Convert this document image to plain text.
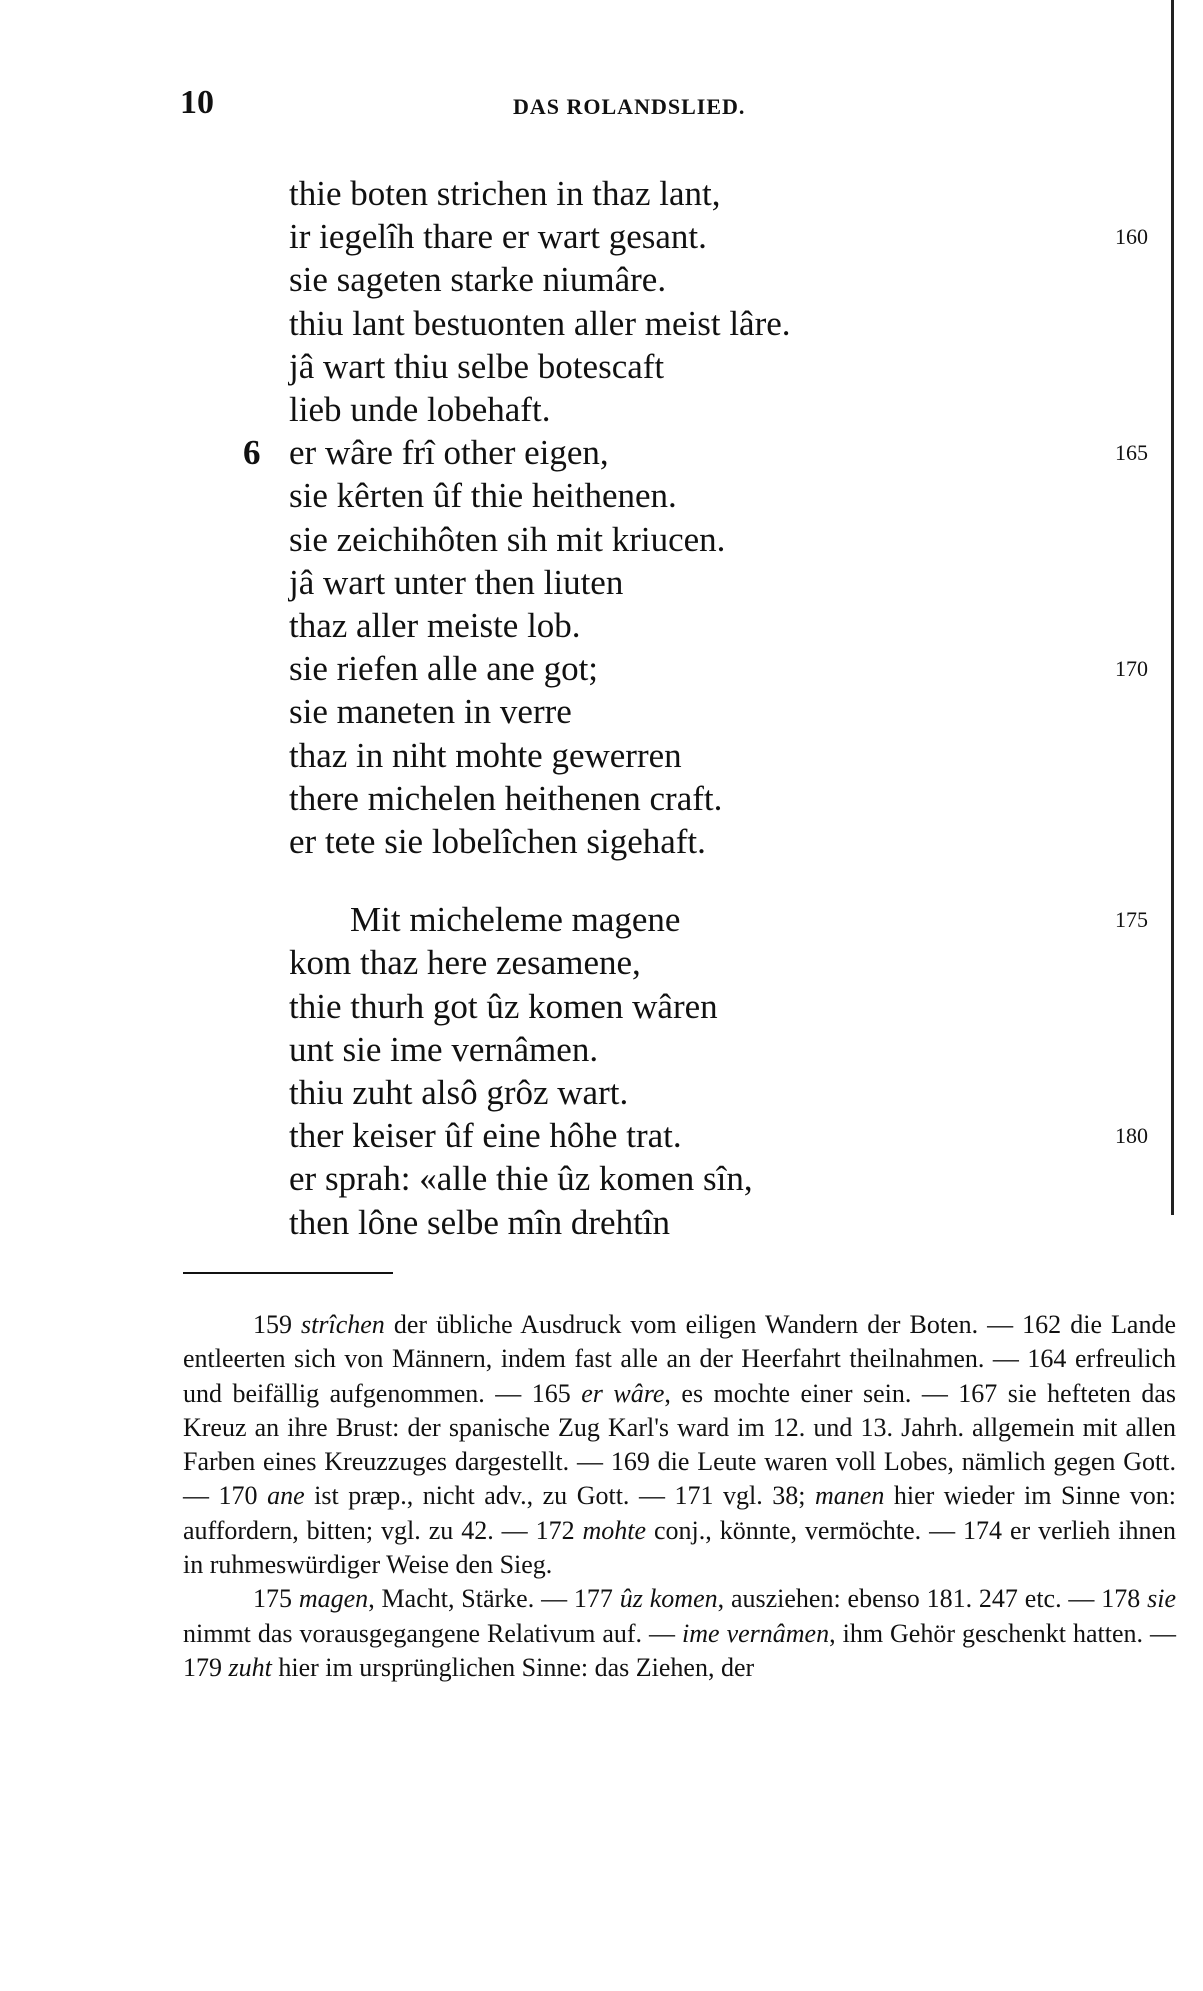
10	DAS ROLANDSLIED.
thie boten strichen in thaz lant,
ir iegelîh thare er wart gesant.	160
sie sageten starke niumâre.
thiu lant bestuonten aller meist lâre.
jâ wart thiu selbe botescaft
lieb unde lobehaft.
er wâre frî other eigen,	165
6
sie kêrten ûf thie heithenen.
sie zeichihôten sih mit kriucen.
jâ wart unter then liuten
thaz aller meiste lob.
sie riefen alle ane got;	170
sie maneten in verre
thaz in niht mohte gewerren
there michelen heithenen craft.
er tete sie lobelîchen sigehaft.
Mit micheleme magene	175
kom thaz here zesamene,
thie thurh got ûz komen wâren
unt sie ime vernâmen.
thiu zuht alsô grôz wart.
ther keiser ûf eine hôhe trat.	180
er sprah: «alle thie ûz komen sîn,
then lône selbe mîn drehtîn

159 strîchen der übliche Ausdruck vom eiligen Wandern der Boten. — 162 die Lande entleerten sich von Männern, indem fast alle an der Heerfahrt theilnahmen. — 164 erfreulich und beifällig aufgenommen. — 165 er wâre, es mochte einer sein. — 167 sie hefteten das Kreuz an ihre Brust: der spanische Zug Karl's ward im 12. und 13. Jahrh. allgemein mit allen Farben eines Kreuzzuges dargestellt. — 169 die Leute waren voll Lobes, nämlich gegen Gott. — 170 ane ist præp., nicht adv., zu Gott. — 171 vgl. 38; manen hier wieder im Sinne von: auffordern, bitten; vgl. zu 42. — 172 mohte conj., könnte, vermöchte. — 174 er verlieh ihnen in ruhmeswürdiger Weise den Sieg.

175 magen, Macht, Stärke. — 177 ûz komen, ausziehen: ebenso 181. 247 etc. — 178 sie nimmt das vorausgegangene Relativum auf. — ime vernâmen, ihm Gehör geschenkt hatten. — 179 zuht hier im ursprünglichen Sinne: das Ziehen, der
